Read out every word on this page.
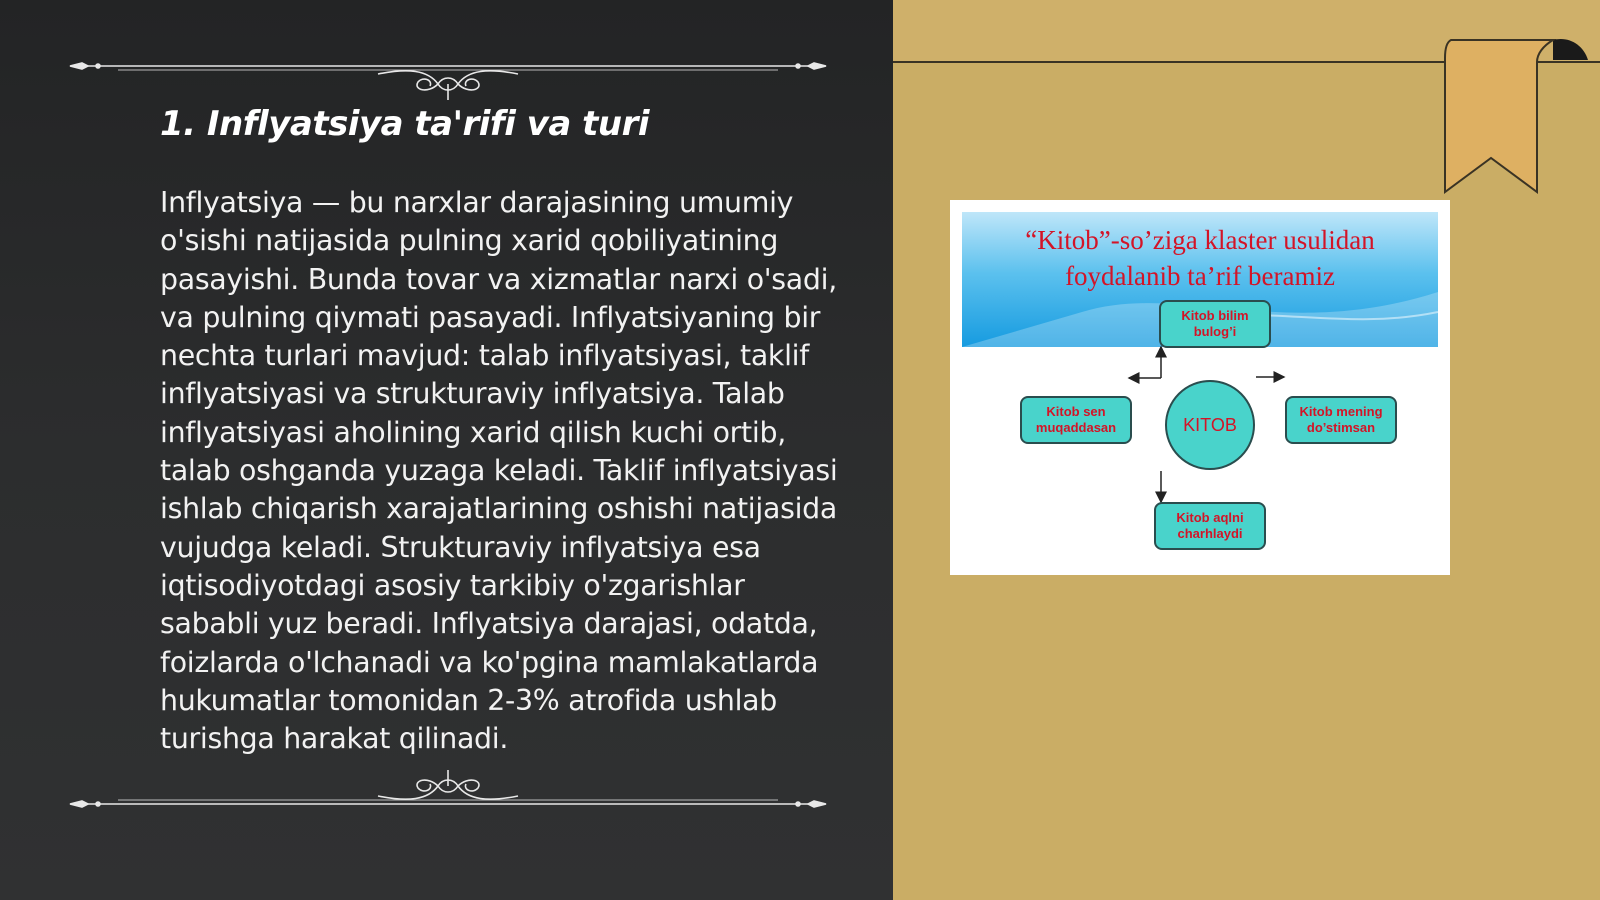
1. Inflyatsiya ta'rifi va turi

Inflyatsiya — bu narxlar darajasining umumiy o'sishi natijasida pulning xarid qobiliyatining pasayishi. Bunda tovar va xizmatlar narxi o'sadi, va pulning qiymati pasayadi. Inflyatsiyaning bir nechta turlari mavjud: talab inflyatsiyasi, taklif inflyatsiyasi va strukturaviy inflyatsiya. Talab inflyatsiyasi aholining xarid qilish kuchi ortib, talab oshganda yuzaga keladi. Taklif inflyatsiyasi ishlab chiqarish xarajatlarining oshishi natijasida vujudga keladi. Strukturaviy inflyatsiya esa iqtisodiyotdagi asosiy tarkibiy o'zgarishlar sababli yuz beradi. Inflyatsiya darajasi, odatda, foizlarda o'lchanadi va ko'pgina mamlakatlarda hukumatlar tomonidan 2-3% atrofida ushlab turishga harakat qilinadi.

“Kitob”-so’ziga klaster usulidan
foydalanib ta’rif beramiz
Kitob bilim bulog’i
Kitob sen muqaddasan
Kitob mening do’stimsan
Kitob aqlni charhlaydi
KITOB
